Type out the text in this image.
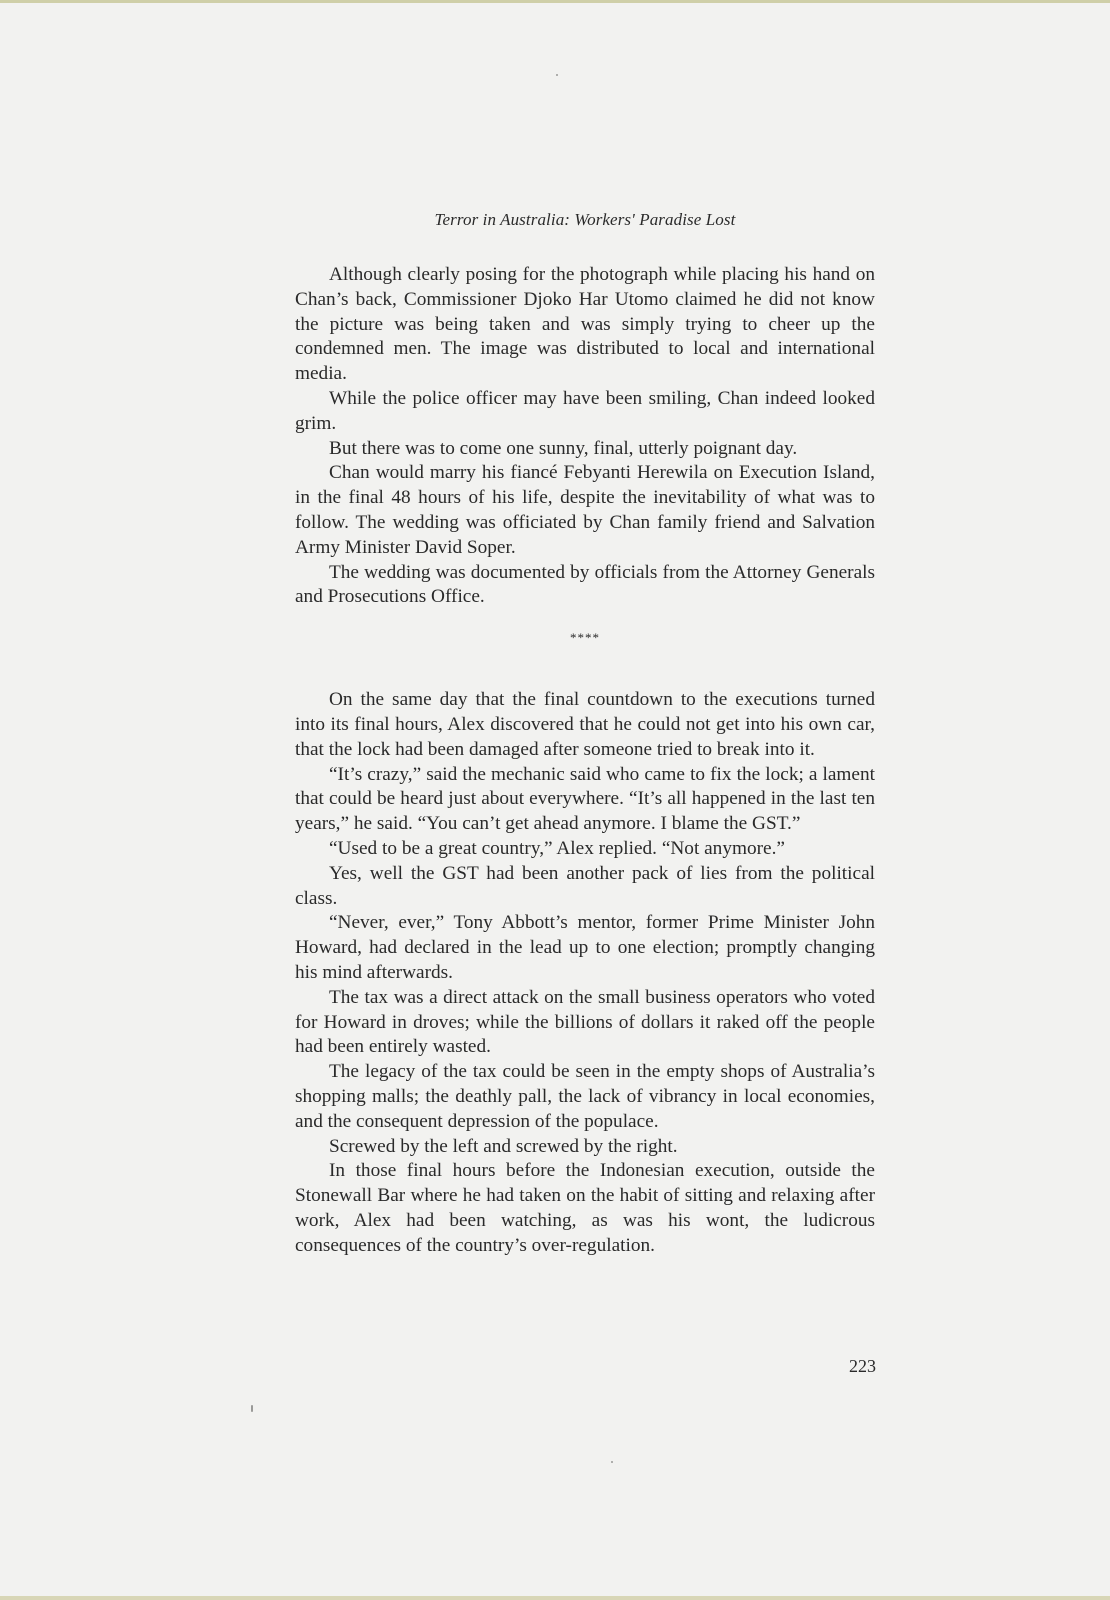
Terror in Australia: Workers' Paradise Lost

Although clearly posing for the photograph while placing his hand on Chan’s back, Commissioner Djoko Har Utomo claimed he did not know the picture was being taken and was simply trying to cheer up the condemned men. The image was distributed to local and international media.

While the police officer may have been smiling, Chan indeed looked grim.

But there was to come one sunny, final, utterly poignant day.

Chan would marry his fiancé Febyanti Herewila on Execution Island, in the final 48 hours of his life, despite the inevitability of what was to follow. The wedding was officiated by Chan family friend and Salvation Army Minister David Soper.

The wedding was documented by officials from the Attorney Generals and Prosecutions Office.

****

On the same day that the final countdown to the executions turned into its final hours, Alex discovered that he could not get into his own car, that the lock had been damaged after someone tried to break into it.

“It’s crazy,” said the mechanic said who came to fix the lock; a lament that could be heard just about everywhere. “It’s all happened in the last ten years,” he said. “You can’t get ahead anymore. I blame the GST.”

“Used to be a great country,” Alex replied. “Not anymore.”

Yes, well the GST had been another pack of lies from the political class.

“Never, ever,” Tony Abbott’s mentor, former Prime Minister John Howard, had declared in the lead up to one election; promptly changing his mind afterwards.

The tax was a direct attack on the small business operators who voted for Howard in droves; while the billions of dollars it raked off the people had been entirely wasted.

The legacy of the tax could be seen in the empty shops of Australia’s shopping malls; the deathly pall, the lack of vibrancy in local economies, and the consequent depression of the populace.

Screwed by the left and screwed by the right.

In those final hours before the Indonesian execution, outside the Stonewall Bar where he had taken on the habit of sitting and relaxing after work, Alex had been watching, as was his wont, the ludicrous consequences of the country’s over-regulation.

223
